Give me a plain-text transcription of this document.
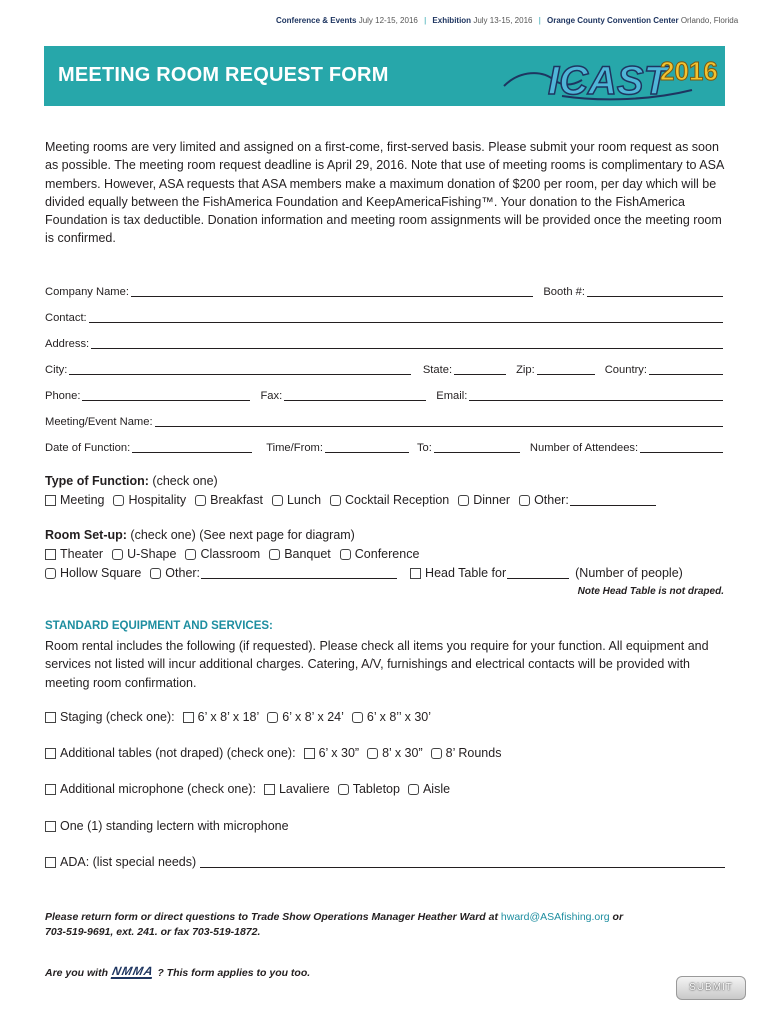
Conference & Events July 12-15, 2016 | Exhibition July 13-15, 2016 | Orange County Convention Center Orlando, Florida
MEETING ROOM REQUEST FORM	ICAST
2016
Meeting rooms are very limited and assigned on a first-come, first-served basis. Please submit your room request as soon as possible. The meeting room request deadline is April 29, 2016. Note that use of meeting rooms is complimentary to ASA members. However, ASA requests that ASA members make a maximum donation of $200 per room, per day which will be divided equally between the FishAmerica Foundation and KeepAmericaFishing™. Your donation to the FishAmerica Foundation is tax deductible. Donation information and meeting room assignments will be provided once the meeting room is confirmed.
Company Name:	Booth #:
Contact:
Address:
City:	State:	Zip:	Country:
Phone:	Fax:	Email:
Meeting/Event Name:
Date of Function:	Time/From:	To:	Number of Attendees:
Type of Function: (check one)
Meeting Hospitality Breakfast Lunch Cocktail Reception Dinner Other:
Room Set-up: (check one) (See next page for diagram)
Theater U-Shape Classroom Banquet Conference
Hollow Square Other:	Head Table for	(Number of people)
Note Head Table is not draped.
STANDARD EQUIPMENT AND SERVICES:
Room rental includes the following (if requested). Please check all items you require for your function. All equipment and services not listed will incur additional charges. Catering, A/V, furnishings and electrical contacts will be provided with meeting room confirmation.
Staging (check one): 6’ x 8’ x 18’ 6’ x 8’ x 24’ 6’ x 8’’ x 30’
Additional tables (not draped) (check one): 6’ x 30” 8’ x 30” 8’ Rounds
Additional microphone (check one): Lavaliere Tabletop Aisle
One (1) standing lectern with microphone
ADA: (list special needs)
Please return form or direct questions to Trade Show Operations Manager Heather Ward at hward@ASAfishing.org or
703-519-9691, ext. 241. or fax 703-519-1872.
Are you with NMMA ? This form applies to you too.
SUBMIT
